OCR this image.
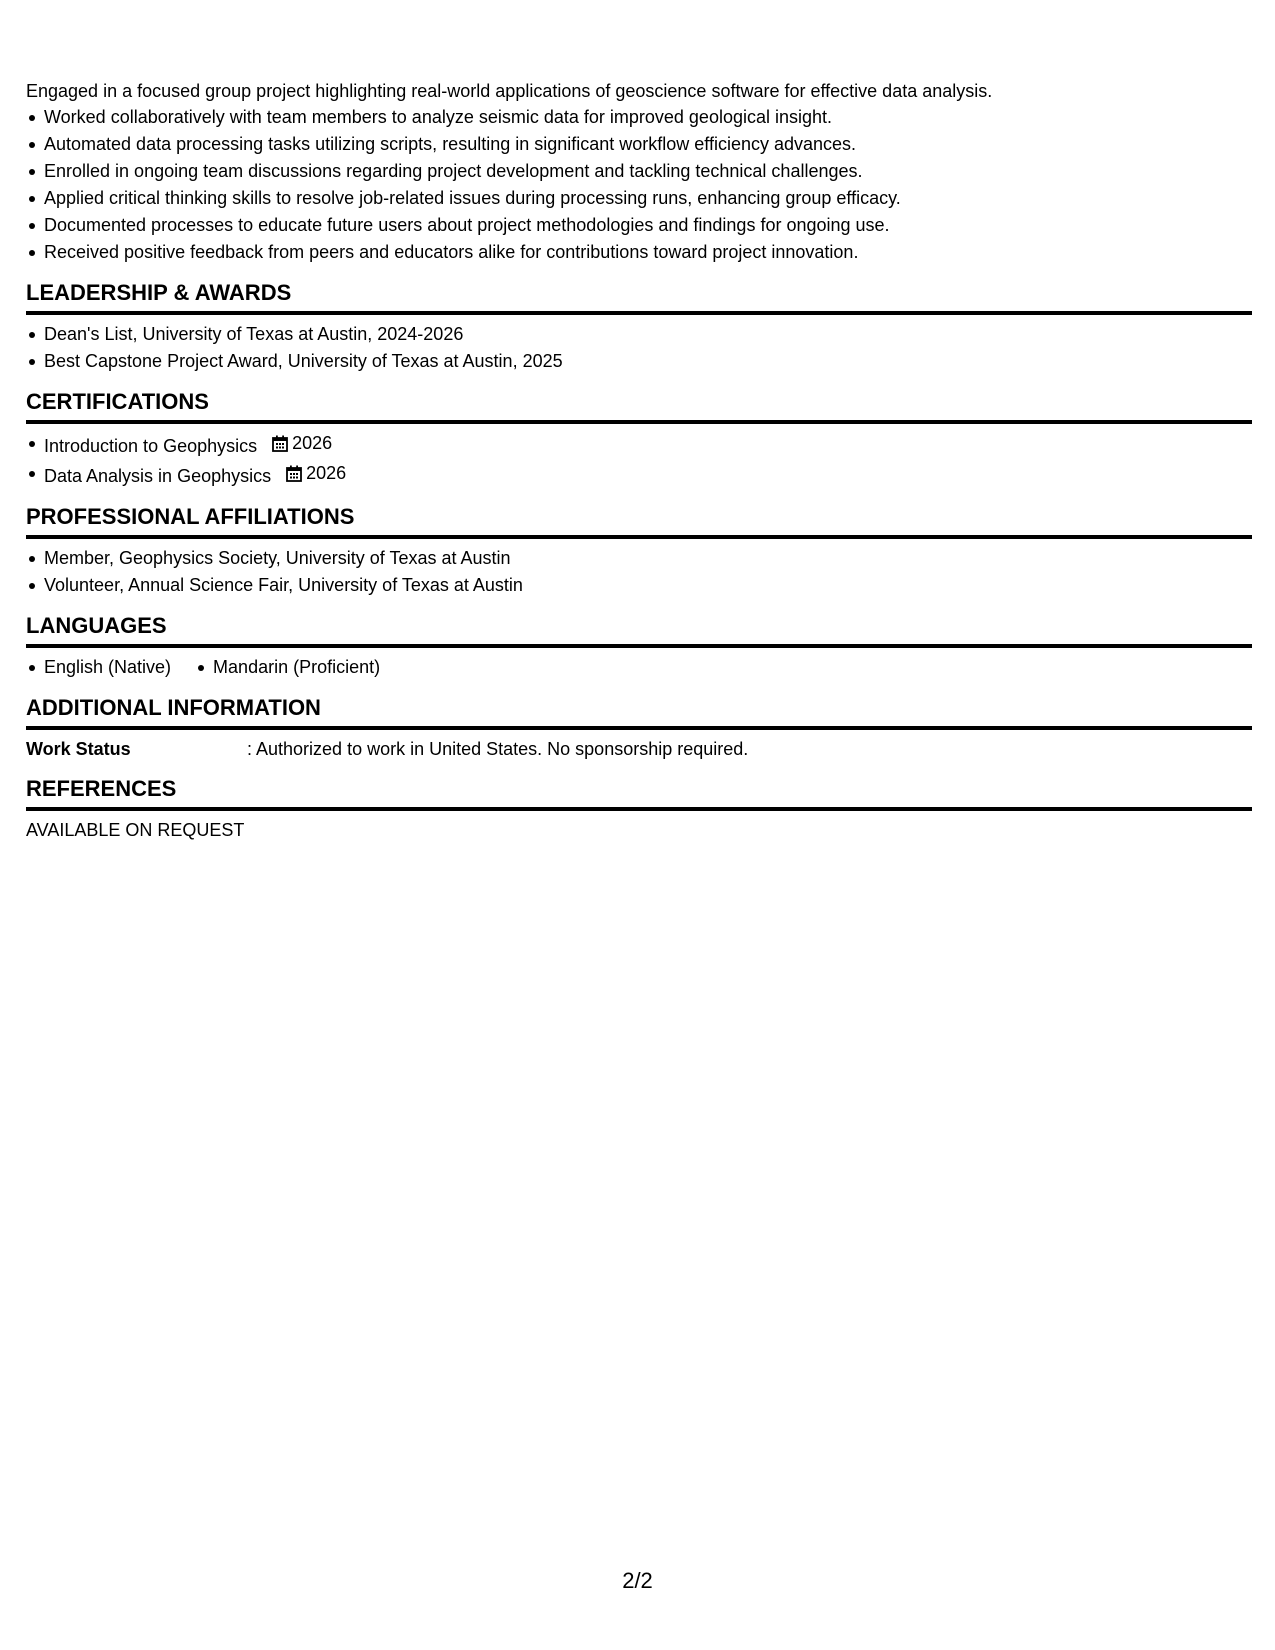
Engaged in a focused group project highlighting real-world applications of geoscience software for effective data analysis.

Worked collaboratively with team members to analyze seismic data for improved geological insight.
Automated data processing tasks utilizing scripts, resulting in significant workflow efficiency advances.
Enrolled in ongoing team discussions regarding project development and tackling technical challenges.
Applied critical thinking skills to resolve job-related issues during processing runs, enhancing group efficacy.
Documented processes to educate future users about project methodologies and findings for ongoing use.
Received positive feedback from peers and educators alike for contributions toward project innovation.
LEADERSHIP & AWARDS
Dean's List, University of Texas at Austin, 2024-2026
Best Capstone Project Award, University of Texas at Austin, 2025
CERTIFICATIONS
Introduction to Geophysics 2026
Data Analysis in Geophysics 2026
PROFESSIONAL AFFILIATIONS
Member, Geophysics Society, University of Texas at Austin
Volunteer, Annual Science Fair, University of Texas at Austin
LANGUAGES
English (Native)	Mandarin (Proficient)
ADDITIONAL INFORMATION
Work Status	: Authorized to work in United States. No sponsorship required.
REFERENCES

AVAILABLE ON REQUEST

2/2
